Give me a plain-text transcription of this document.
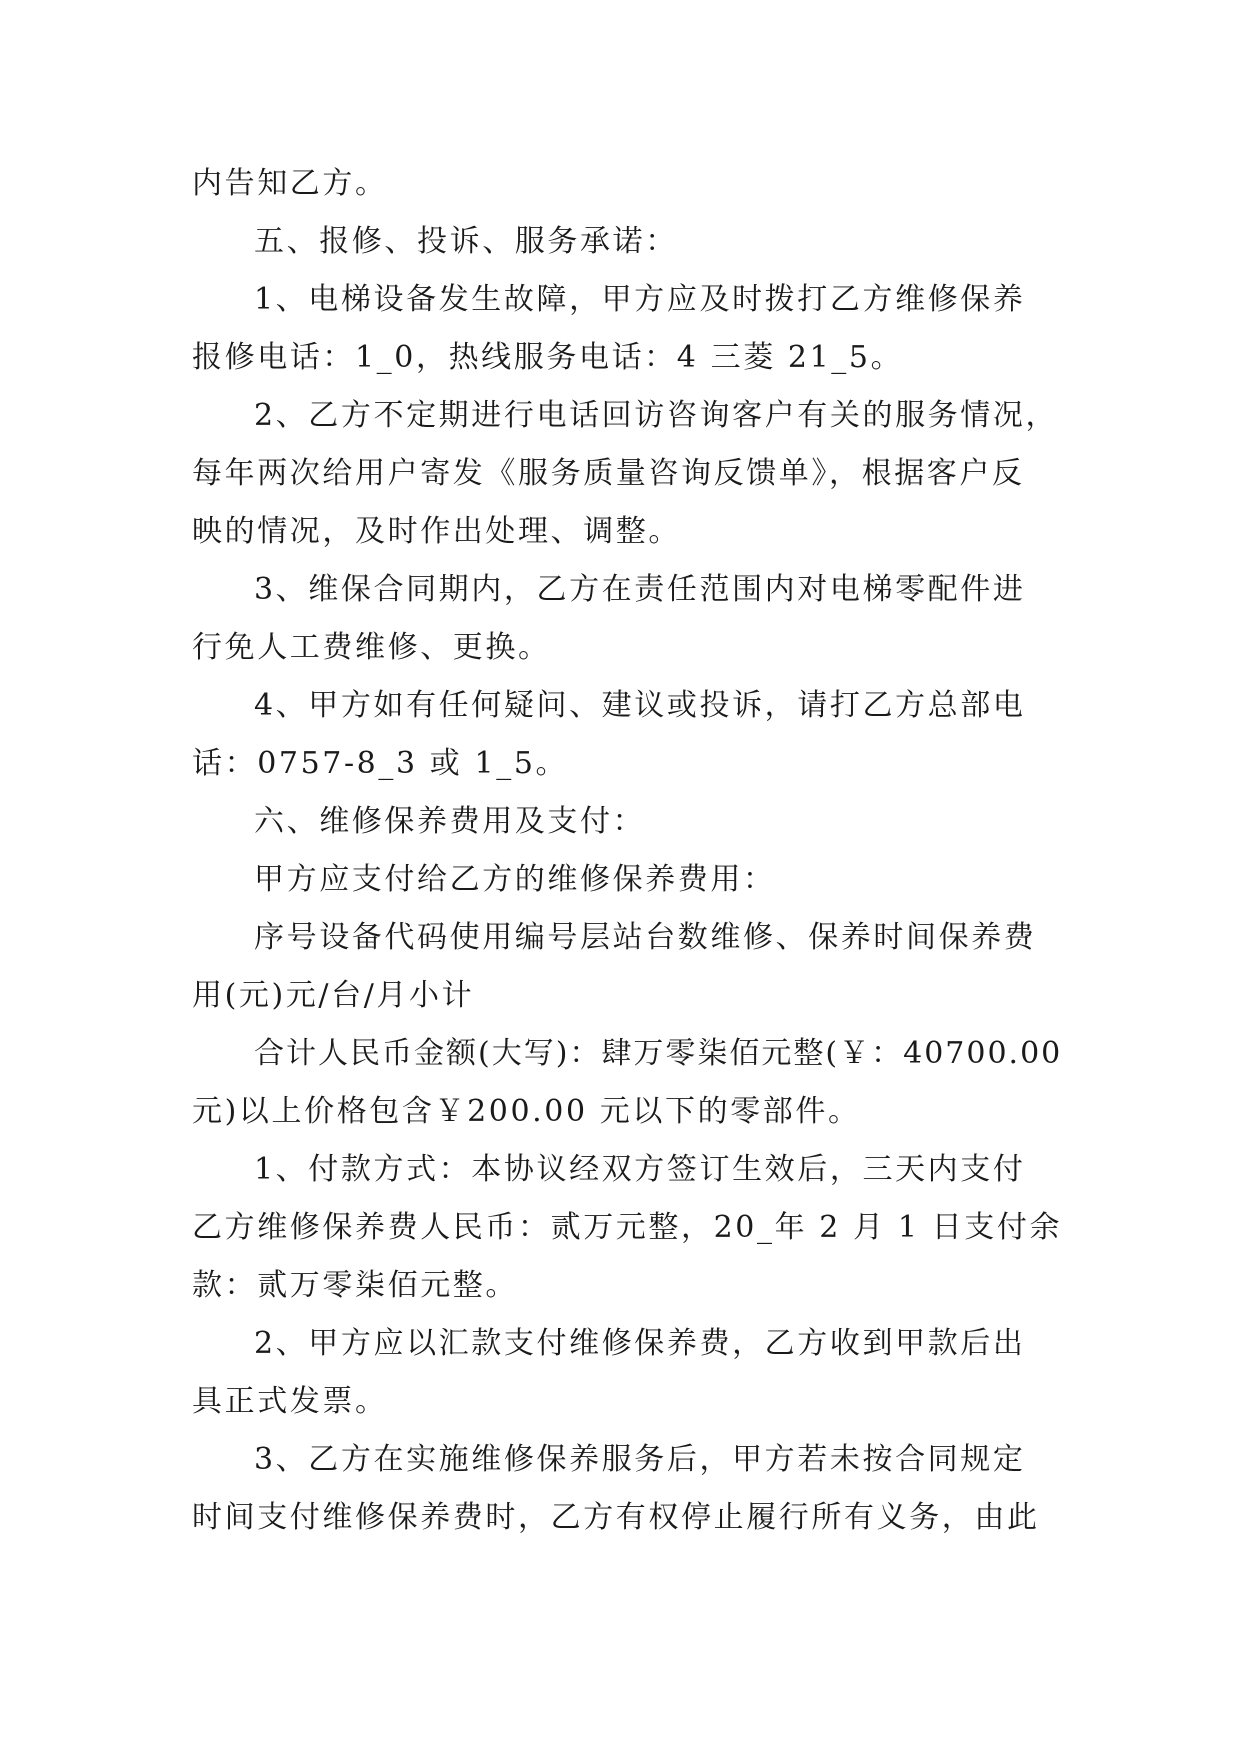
内告知乙方。
五、报修、投诉、服务承诺：
1、电梯设备发生故障，甲方应及时拨打乙方维修保养
报修电话：1_0，热线服务电话：4 三菱 21_5。
2、乙方不定期进行电话回访咨询客户有关的服务情况，
每年两次给用户寄发《服务质量咨询反馈单》，根据客户反
映的情况，及时作出处理、调整。
3、维保合同期内，乙方在责任范围内对电梯零配件进
行免人工费维修、更换。
4、甲方如有任何疑问、建议或投诉，请打乙方总部电
话：0757-8_3 或 1_5。
六、维修保养费用及支付：
甲方应支付给乙方的维修保养费用：
序号设备代码使用编号层站台数维修、保养时间保养费
用(元)元/台/月小计
合计人民币金额(大写)：肆万零柒佰元整(￥：40700.00
元)以上价格包含￥200.00 元以下的零部件。
1、付款方式：本协议经双方签订生效后，三天内支付
乙方维修保养费人民币：贰万元整，20_年 2 月 1 日支付余
款：贰万零柒佰元整。
2、甲方应以汇款支付维修保养费，乙方收到甲款后出
具正式发票。
3、乙方在实施维修保养服务后，甲方若未按合同规定
时间支付维修保养费时，乙方有权停止履行所有义务，由此
